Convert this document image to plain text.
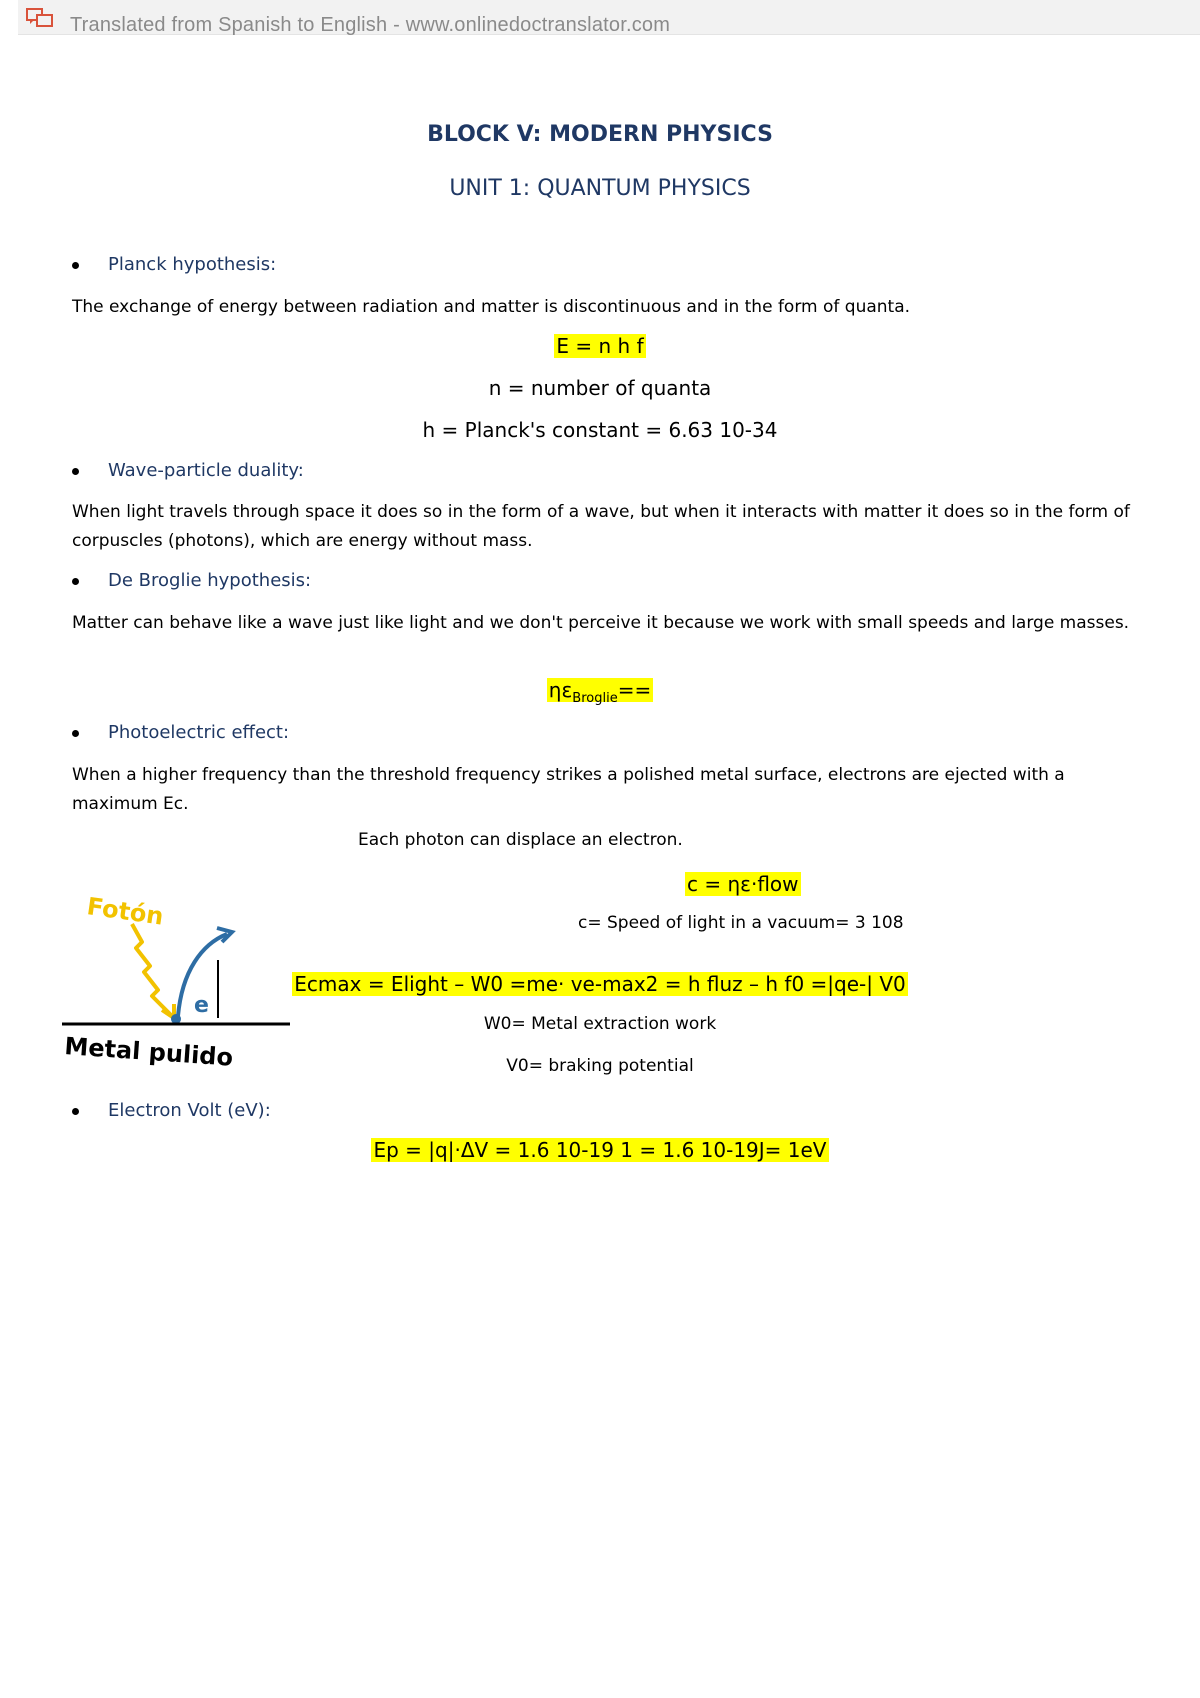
Translated from Spanish to English - www.onlinedoctranslator.com
BLOCK V: MODERN PHYSICS
UNIT 1: QUANTUM PHYSICS
Planck hypothesis:
The exchange of energy between radiation and matter is discontinuous and in the form of quanta.
E = n h f
n = number of quanta
h = Planck's constant = 6.63 10-34
Wave-particle duality:
When light travels through space it does so in the form of a wave, but when it interacts with matter it does so in the form of corpuscles (photons), which are energy without mass.
De Broglie hypothesis:
Matter can behave like a wave just like light and we don't perceive it because we work with small speeds and large masses.
$\eta\varepsilon_{Broglie}==$
Photoelectric effect:
When a higher frequency than the threshold frequency strikes a polished metal surface, electrons are ejected with a maximum Ec.
Fotón
e
Metal pulido
Each photon can displace an electron.
c = ηε·flow
c= Speed of light in a vacuum= 3 108
Ecmax = Elight – W0 =me· ve-max2 = h fluz – h f0 =|qe-| V0
W0= Metal extraction work
V0= braking potential
Electron Volt (eV):
Ep = |q|·ΔV = 1.6 10-19 1 = 1.6 10-19J= 1eV
